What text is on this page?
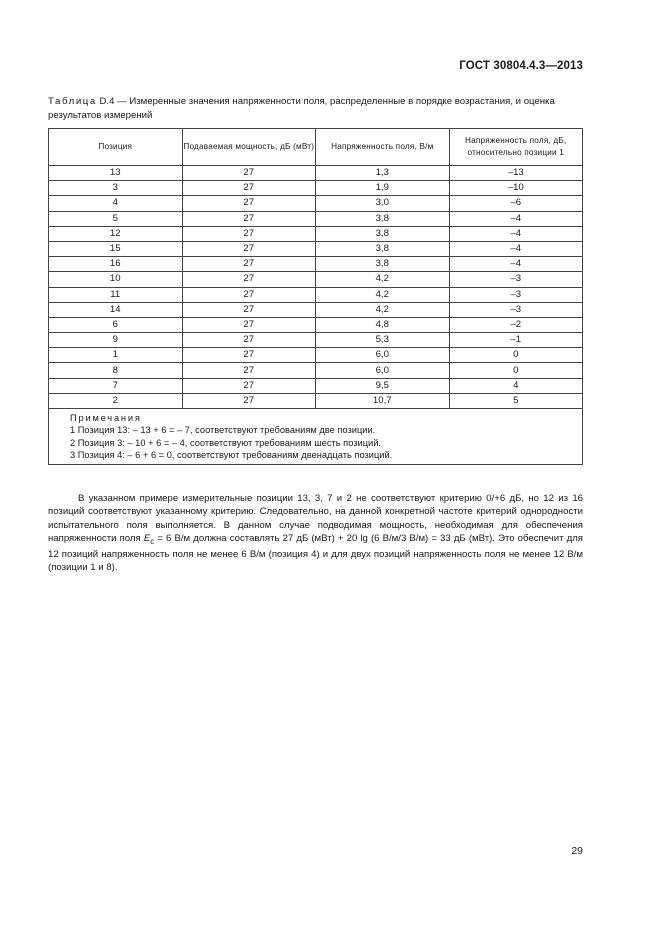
ГОСТ 30804.4.3—2013
Таблица D.4 — Измеренные значения напряженности поля, распределенные в порядке возрастания, и оценка результатов измерений
Позиция	Подаваемая мощность, дБ (мВт)	Напряженность поля, В/м	Напряженность поля, дБ, относительно позиции 1
13	27	1,3	–13
3	27	1,9	–10
4	27	3,0	–6
5	27	3,8	–4
12	27	3,8	–4
15	27	3,8	–4
16	27	3,8	–4
10	27	4,2	–3
11	27	4,2	–3
14	27	4,2	–3
6	27	4,8	–2
9	27	5,3	–1
1	27	6,0	0
8	27	6,0	0
7	27	9,5	4
2	27	10,7	5

Примечания
1 Позиция 13: – 13 + 6 = – 7, соответствуют требованиям две позиции.
2 Позиция 3: – 10 + 6 = – 4, соответствуют требованиям шесть позиций.
3 Позиция 4: – 6 + 6 = 0, соответствуют требованиям двенадцать позиций.			
В указанном примере измерительные позиции 13, 3, 7 и 2 не соответствуют критерию 0/+6 дБ, но 12 из 16 позиций соответствуют указанному критерию. Следовательно, на данной конкретной частоте критерий однородности испытательного поля выполняется. В данном случае подводимая мощность, необходимая для обеспечения напряженности поля $E_c = 6$ В/м должна составлять 27 дБ (мВт) + 20 lg (6 В/м/3 В/м) = 33 дБ (мВт). Это обеспечит для 12 позиций напряженность поля не менее 6 В/м (позиция 4) и для двух позиций напряженность поля не менее 12 В/м (позиции 1 и 8).
29
